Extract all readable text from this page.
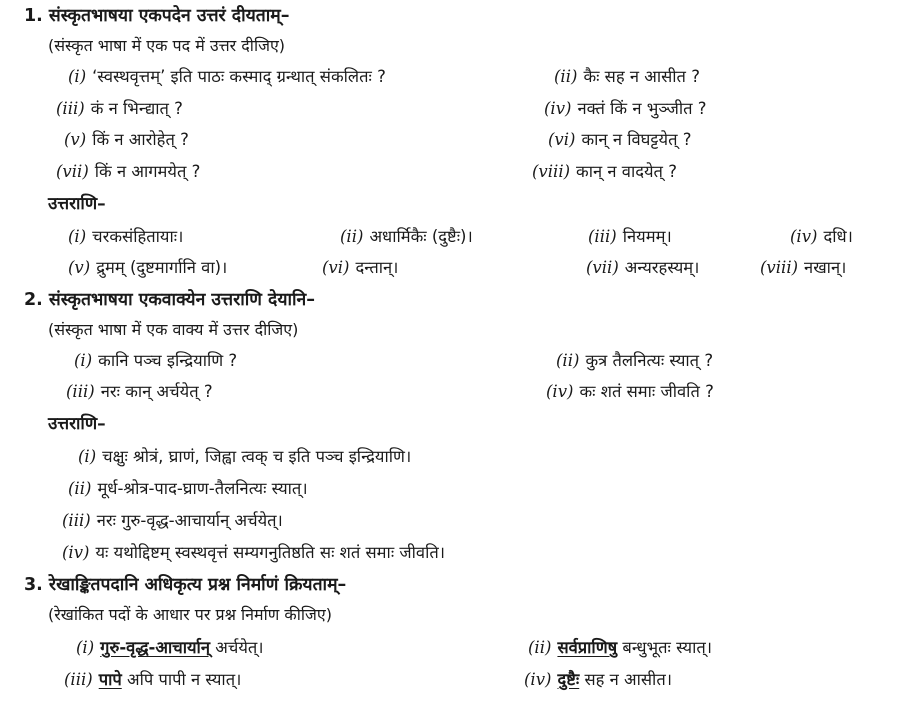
1. संस्कृतभाषया एकपदेन उत्तरं दीयताम्–
(संस्कृत भाषा में एक पद में उत्तर दीजिए)
(i) ‘स्वस्थवृत्तम्’ इति पाठः कस्माद् ग्रन्थात् संकलितः ?	(ii) कैः सह न आसीत ?
(iii) कं न भिन्द्यात् ?	(iv) नक्तं किं न भुञ्जीत ?
(v) किं न आरोहेत् ?	(vi) कान् न विघट्टयेत् ?
(vii) किं न आगमयेत् ?	(viii) कान् न वादयेत् ?
उत्तराणि–
(i) चरकसंहितायाः।	(ii) अधार्मिकैः (दुष्टैः)।	(iii) नियमम्।	(iv) दधि।
(v) द्रुमम् (दुष्टमार्गानि वा)।	(vi) दन्तान्।	(vii) अन्यरहस्यम्।	(viii) नखान्।
2. संस्कृतभाषया एकवाक्येन उत्तराणि देयानि–
(संस्कृत भाषा में एक वाक्य में उत्तर दीजिए)
(i) कानि पञ्च इन्द्रियाणि ?	(ii) कुत्र तैलनित्यः स्यात् ?
(iii) नरः कान् अर्चयेत् ?	(iv) कः शतं समाः जीवति ?
उत्तराणि–
(i) चक्षुः श्रोत्रं, घ्राणं, जिह्वा त्वक् च इति पञ्च इन्द्रियाणि।
(ii) मूर्ध-श्रोत्र-पाद-घ्राण-तैलनित्यः स्यात्।
(iii) नरः गुरु-वृद्ध-आचार्यान् अर्चयेत्।
(iv) यः यथोद्दिष्टम् स्वस्थवृत्तं सम्यगनुतिष्ठति सः शतं समाः जीवति।
3. रेखाङ्कितपदानि अधिकृत्य प्रश्न निर्माणं क्रियताम्–
(रेखांकित पदों के आधार पर प्रश्न निर्माण कीजिए)
(i) गुरु-वृद्ध-आचार्यान् अर्चयेत्।	(ii) सर्वप्राणिषु बन्धुभूतः स्यात्।
(iii) पापे अपि पापी न स्यात्।	(iv) दुष्टैः सह न आसीत।
